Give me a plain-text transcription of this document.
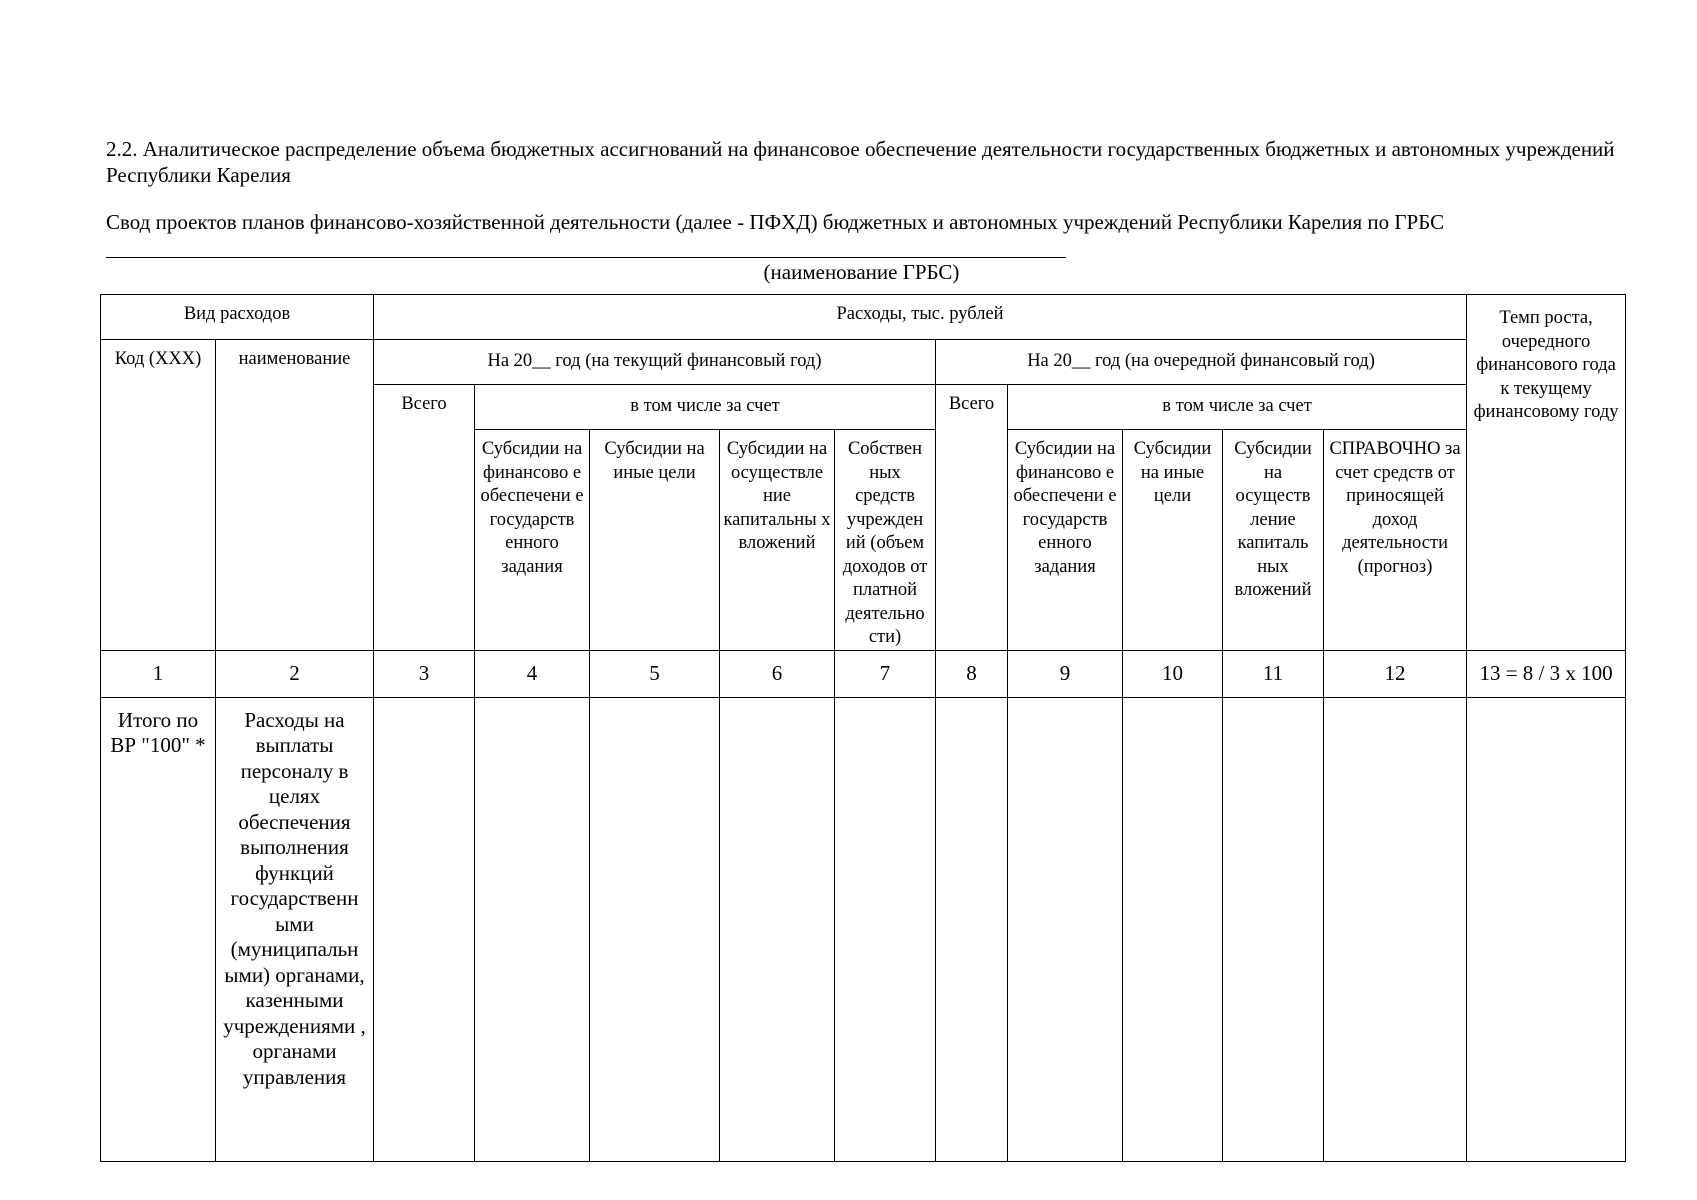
2.2. Аналитическое распределение объема бюджетных ассигнований на финансовое обеспечение деятельности государственных бюджетных и автономных учреждений Республики Карелия

Свод проектов планов финансово-хозяйственной деятельности (далее - ПФХД) бюджетных и автономных учреждений Республики Карелия по ГРБС

(наименование ГРБС)
Вид расходов		Расходы, тыс. рублей										Темп роста, очередного финансового года к текущему финансовому году
Код (XXX)	наименование	На 20__ год (на текущий финансовый год)					На 20__ год (на очередной финансовый год)					
		Всего	в том числе за счет				Всего	в том числе за счет				
			Субсидии на финансово е обеспечени е государств енного задания	Субсидии на иные цели	Субсидии на осуществле ние капитальны х вложений	Собствен ных средств учрежден ий (объем доходов от платной деятельно сти)		Субсидии на финансово е обеспечени е государств енного задания	Субсидии на иные цели	Субсидии на осуществ ление капиталь ных вложений	СПРАВОЧНО за счет средств от приносящей доход деятельности (прогноз)	
1	2	3	4	5	6	7	8	9	10	11	12	13 = 8 / 3 x 100
Итого по ВР "100" *	Расходы на выплаты персоналу в целях обеспечения выполнения функций государственн ыми (муниципальн ыми) органами, казенными учреждениями , органами управления											
